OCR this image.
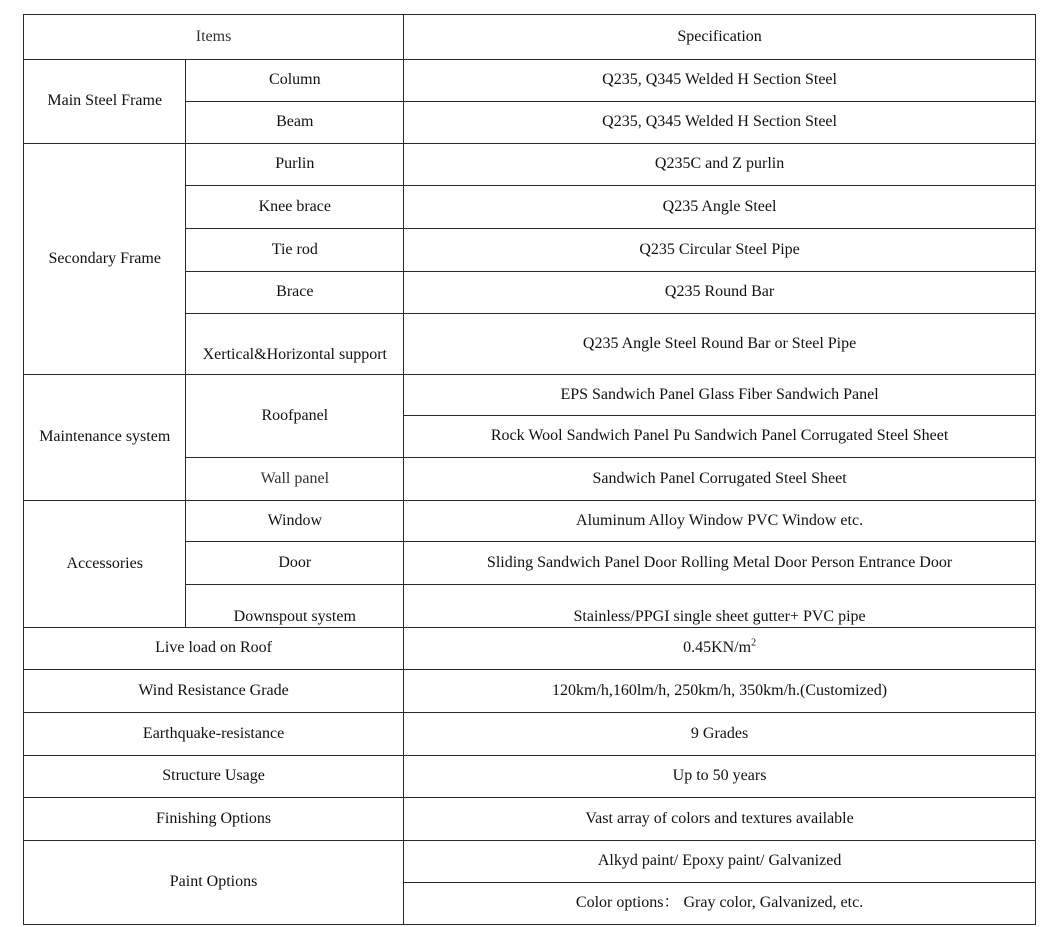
Items		Specification
Main Steel Frame	Column	Q235, Q345 Welded H Section Steel
	Beam	Q235, Q345 Welded H Section Steel
Secondary Frame	Purlin	Q235C and Z purlin
	Knee brace	Q235 Angle Steel
	Tie rod	Q235 Circular Steel Pipe
	Brace	Q235 Round Bar
	Xertical&Horizontal support	Q235 Angle Steel Round Bar or Steel Pipe
Maintenance system	Roofpanel	EPS Sandwich Panel Glass Fiber Sandwich Panel
		Rock Wool Sandwich Panel Pu Sandwich Panel Corrugated Steel Sheet
	Wall panel	Sandwich Panel Corrugated Steel Sheet
Accessories	Window	Aluminum Alloy Window PVC Window etc.
	Door	Sliding Sandwich Panel Door Rolling Metal Door Person Entrance Door
	Downspout system	Stainless/PPGI single sheet gutter+ PVC pipe
Live load on Roof		$0.45KN/m^2$
Wind Resistance Grade		120km/h,160lm/h, 250km/h, 350km/h.(Customized)
Earthquake-resistance		9 Grades
Structure Usage		Up to 50 years
Finishing Options		Vast array of colors and textures available
Paint Options		Alkyd paint/ Epoxy paint/ Galvanized
		Color options： Gray color, Galvanized, etc.
